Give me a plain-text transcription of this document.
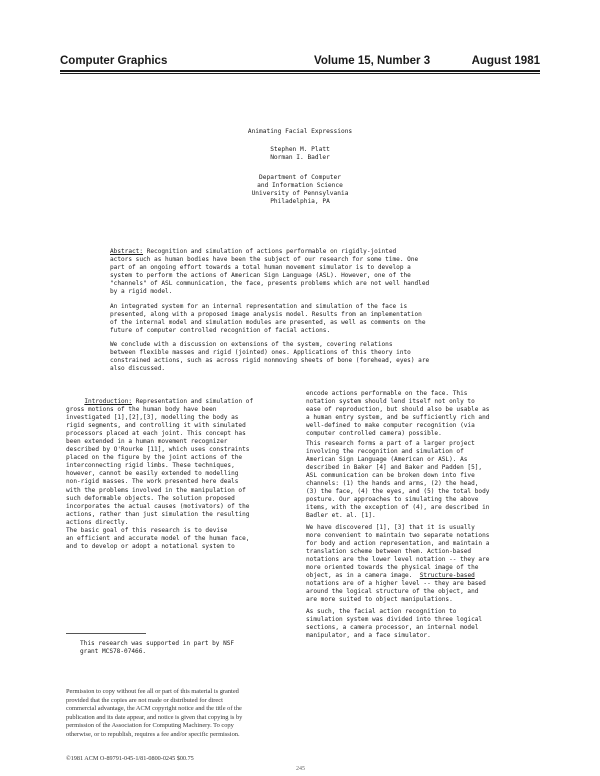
Computer Graphics	Volume 15, Number 3	August 1981
Animating Facial Expressions
Stephen M. Platt
Norman I. Badler
Department of Computer
and Information Science
University of Pennsylvania
Philadelphia, PA
Abstract: Recognition and simulation of actions performable on rigidly-jointed
actors such as human bodies have been the subject of our research for some time. One
part of an ongoing effort towards a total human movement simulator is to develop a
system to perform the actions of American Sign Language (ASL). However, one of the
"channels" of ASL communication, the face, presents problems which are not well handled
by a rigid model.
An integrated system for an internal representation and simulation of the face is
presented, along with a proposed image analysis model. Results from an implementation
of the internal model and simulation modules are presented, as well as comments on the
future of computer controlled recognition of facial actions.
We conclude with a discussion on extensions of the system, covering relations
between flexible masses and rigid (jointed) ones. Applications of this theory into
constrained actions, such as across rigid nonmoving sheets of bone (forehead, eyes) are
also discussed.
Introduction: Representation and simulation of
gross motions of the human body have been
investigated [1],[2],[3], modelling the body as
rigid segments, and controlling it with simulated
processors placed at each joint. This concept has
been extended in a human movement recognizer
described by O'Rourke [11], which uses constraints
placed on the figure by the joint actions of the
interconnecting rigid limbs. These techniques,
however, cannot be easily extended to modelling
non-rigid masses. The work presented here deals
with the problems involved in the manipulation of
such deformable objects. The solution proposed
incorporates the actual causes (motivators) of the
actions, rather than just simulation the resulting
actions directly.
The basic goal of this research is to devise
an efficient and accurate model of the human face,
and to develop or adopt a notational system to
This research was supported in part by NSF
grant MCS78-07466.
Permission to copy without fee all or part of this material is granted
provided that the copies are not made or distributed for direct
commercial advantage, the ACM copyright notice and the title of the
publication and its date appear, and notice is given that copying is by
permission of the Association for Computing Machinery. To copy
otherwise, or to republish, requires a fee and/or specific permission.
©1981 ACM O-89791-045-1/81-0800-0245 $00.75
encode actions performable on the face. This
notation system should lend itself not only to
ease of reproduction, but should also be usable as
a human entry system, and be sufficiently rich and
well-defined to make computer recognition (via
computer controlled camera) possible.
This research forms a part of a larger project
involving the recognition and simulation of
American Sign Language (American or ASL). As
described in Baker [4] and Baker and Padden [5],
ASL communication can be broken down into five
channels: (1) the hands and arms, (2) the head,
(3) the face, (4) the eyes, and (5) the total body
posture. Our approaches to simulating the above
items, with the exception of (4), are described in
Badler et. al. [1].
We have discovered [1], [3] that it is usually
more convenient to maintain two separate notations
for body and action representation, and maintain a
translation scheme between them. Action-based
notations are the lower level notation -- they are
more oriented towards the physical image of the
object, as in a camera image. Structure-based
notations are of a higher level -- they are based
around the logical structure of the object, and
are more suited to object manipulations.
As such, the facial action recognition to
simulation system was divided into three logical
sections, a camera processor, an internal model
manipulator, and a face simulator.
245
